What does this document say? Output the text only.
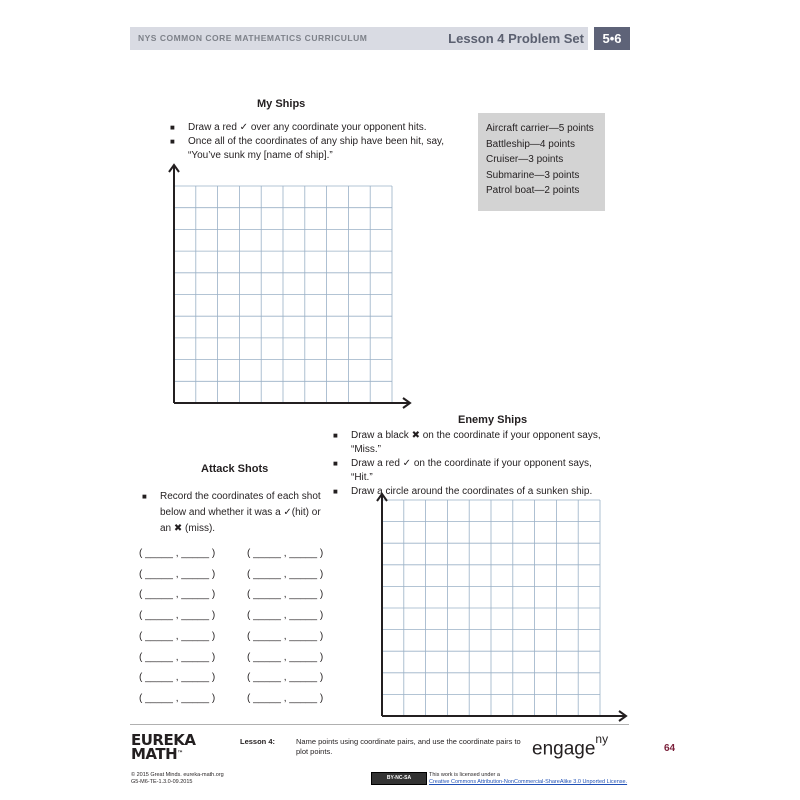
NYS COMMON CORE MATHEMATICS CURRICULUM	Lesson 4 Problem Set	5•6
My Ships
■ Draw a red ✓ over any coordinate your opponent hits.
■ Once all of the coordinates of any ship have been hit, say,
“You’ve sunk my [name of ship].”
Aircraft carrier—5 points
Battleship—4 points
Cruiser—3 points
Submarine—3 points
Patrol boat—2 points
Enemy Ships
■ Draw a black ✖ on the coordinate if your opponent says,
“Miss.”
■ Draw a red ✓ on the coordinate if your opponent says,
“Hit.”
■ Draw a circle around the coordinates of a sunken ship.
Attack Shots
■ Record the coordinates of each shot
below and whether it was a ✓(hit) or
an ✖ (miss).
( _____ , _____ )
( _____ , _____ )
( _____ , _____ )
( _____ , _____ )
( _____ , _____ )
( _____ , _____ )
( _____ , _____ )
( _____ , _____ )
( _____ , _____ )
( _____ , _____ )
( _____ , _____ )
( _____ , _____ )
( _____ , _____ )
( _____ , _____ )
( _____ , _____ )
( _____ , _____ )
EUREKA
MATH™
Lesson 4:	Name points using coordinate pairs, and use the coordinate pairs to plot points.	engage$^{ny}$
64
© 2015 Great Minds. eureka-math.org
G5-M6-TE-1.3.0-09.2015
BY-NC-SA	This work is licensed under a
Creative Commons Attribution-NonCommercial-ShareAlike 3.0 Unported License.
